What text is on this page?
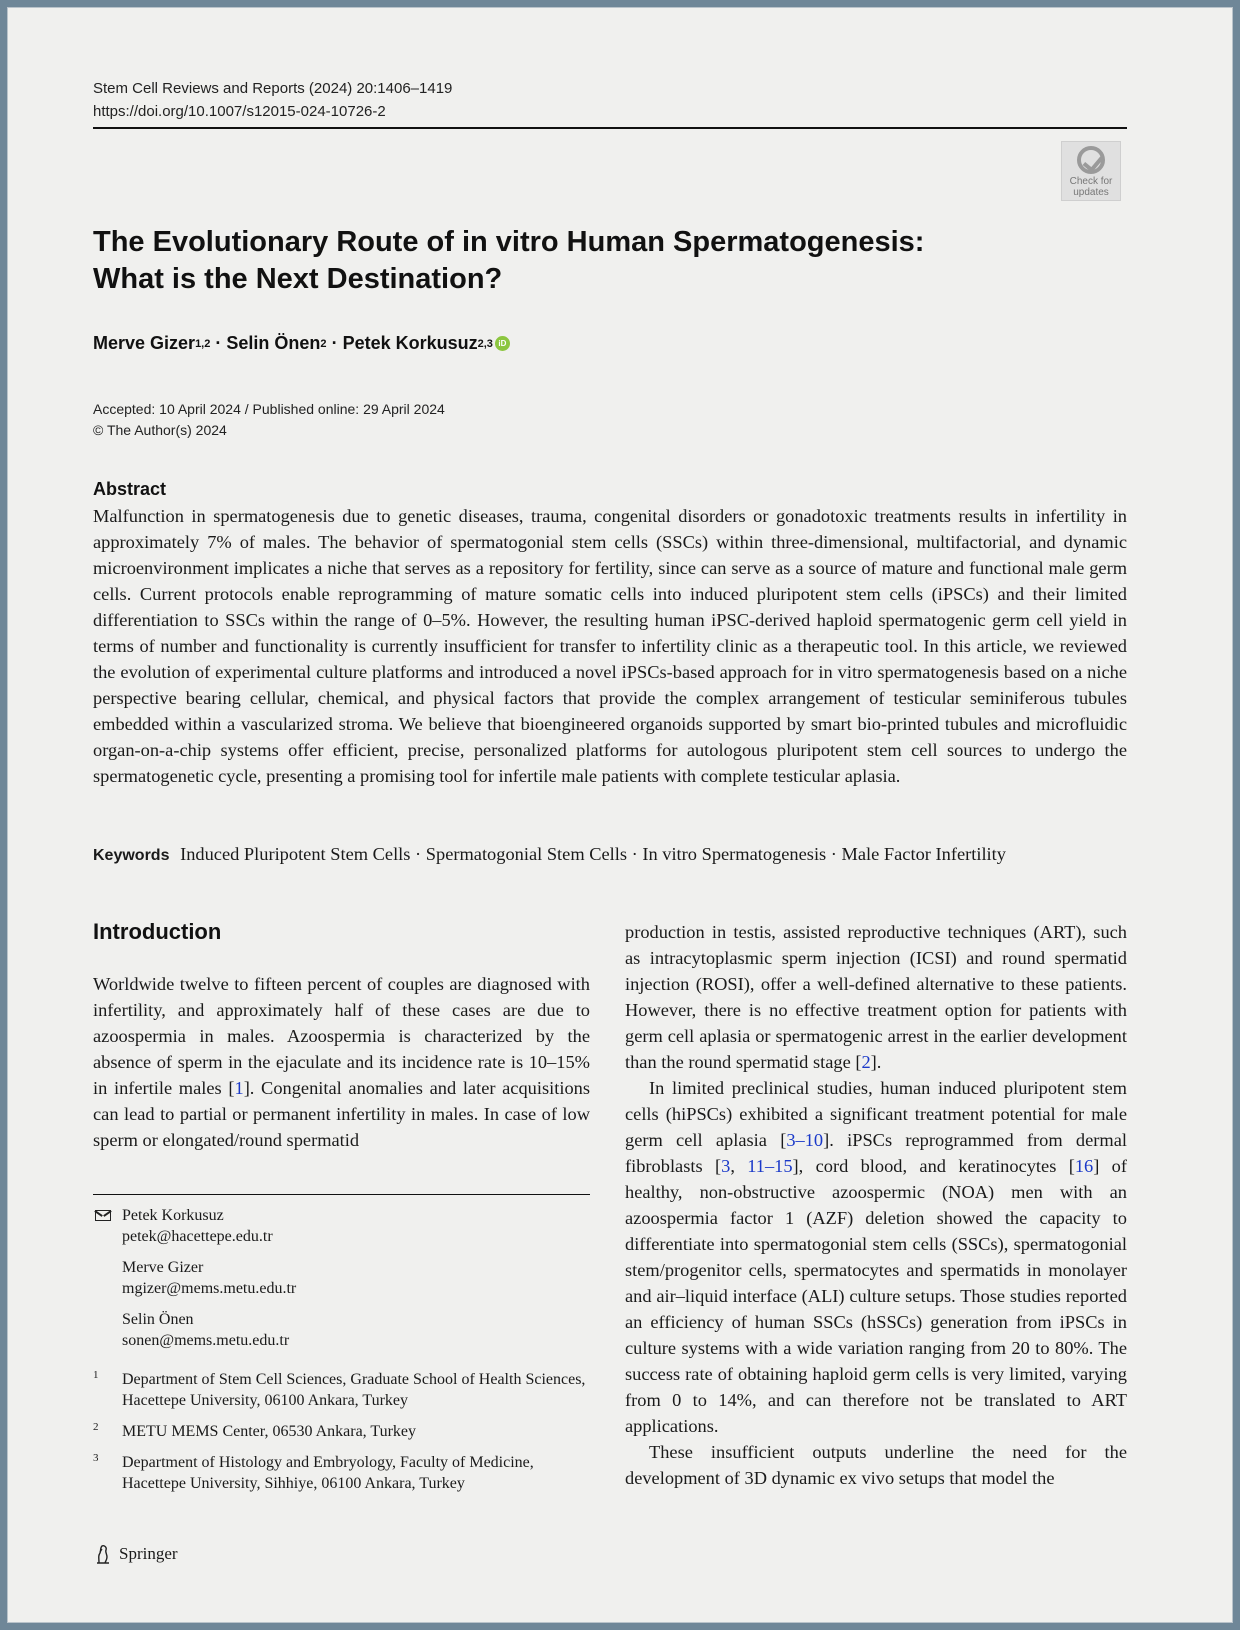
Stem Cell Reviews and Reports (2024) 20:1406–1419
https://doi.org/10.1007/s12015-024-10726-2
Check for
updates
The Evolutionary Route of in vitro Human Spermatogenesis: What is the Next Destination?
Merve Gizer 1,2 · Selin Önen 2 · Petek Korkusuz 2,3 iD
Accepted: 10 April 2024 / Published online: 29 April 2024
© The Author(s) 2024
Abstract
Malfunction in spermatogenesis due to genetic diseases, trauma, congenital disorders or gonadotoxic treatments results in infertility in approximately 7% of males. The behavior of spermatogonial stem cells (SSCs) within three-dimensional, multifactorial, and dynamic microenvironment implicates a niche that serves as a repository for fertility, since can serve as a source of mature and functional male germ cells. Current protocols enable reprogramming of mature somatic cells into induced pluripotent stem cells (iPSCs) and their limited differentiation to SSCs within the range of 0–5%. However, the resulting human iPSC-derived haploid spermatogenic germ cell yield in terms of number and functionality is currently insufficient for transfer to infertility clinic as a therapeutic tool. In this article, we reviewed the evolution of experimental culture platforms and introduced a novel iPSCs-based approach for in vitro spermatogenesis based on a niche perspective bearing cellular, chemical, and physical factors that provide the complex arrangement of testicular seminiferous tubules embedded within a vascularized stroma. We believe that bioengineered organoids supported by smart bio-printed tubules and microfluidic organ-on-a-chip systems offer efficient, precise, personalized platforms for autologous pluripotent stem cell sources to undergo the spermatogenetic cycle, presenting a promising tool for infertile male patients with complete testicular aplasia.
Keywords Induced Pluripotent Stem Cells · Spermatogonial Stem Cells · In vitro Spermatogenesis · Male Factor Infertility
Introduction

Worldwide twelve to fifteen percent of couples are diagnosed with infertility, and approximately half of these cases are due to azoospermia in males. Azoospermia is characterized by the absence of sperm in the ejaculate and its incidence rate is 10–15% in infertile males [1]. Congenital anomalies and later acquisitions can lead to partial or permanent infertility in males. In case of low sperm or elongated/round spermatid

production in testis, assisted reproductive techniques (ART), such as intracytoplasmic sperm injection (ICSI) and round spermatid injection (ROSI), offer a well-defined alternative to these patients. However, there is no effective treatment option for patients with germ cell aplasia or spermatogenic arrest in the earlier development than the round spermatid stage [2].

In limited preclinical studies, human induced pluripotent stem cells (hiPSCs) exhibited a significant treatment potential for male germ cell aplasia [3–10]. iPSCs reprogrammed from dermal fibroblasts [3, 11–15], cord blood, and keratinocytes [16] of healthy, non-obstructive azoospermic (NOA) men with an azoospermia factor 1 (AZF) deletion showed the capacity to differentiate into spermatogonial stem cells (SSCs), spermatogonial stem/progenitor cells, spermatocytes and spermatids in monolayer and air–liquid interface (ALI) culture setups. Those studies reported an efficiency of human SSCs (hSSCs) generation from iPSCs in culture systems with a wide variation ranging from 20 to 80%. The success rate of obtaining haploid germ cells is very limited, varying from 0 to 14%, and can therefore not be translated to ART applications.

These insufficient outputs underline the need for the development of 3D dynamic ex vivo setups that model the

Petek Korkusuz
petek@hacettepe.edu.tr
Merve Gizer
mgizer@mems.metu.edu.tr
Selin Önen
sonen@mems.metu.edu.tr
1 Department of Stem Cell Sciences, Graduate School of Health Sciences, Hacettepe University, 06100 Ankara, Turkey
2 METU MEMS Center, 06530 Ankara, Turkey
3 Department of Histology and Embryology, Faculty of Medicine, Hacettepe University, Sihhiye, 06100 Ankara, Turkey
Springer
